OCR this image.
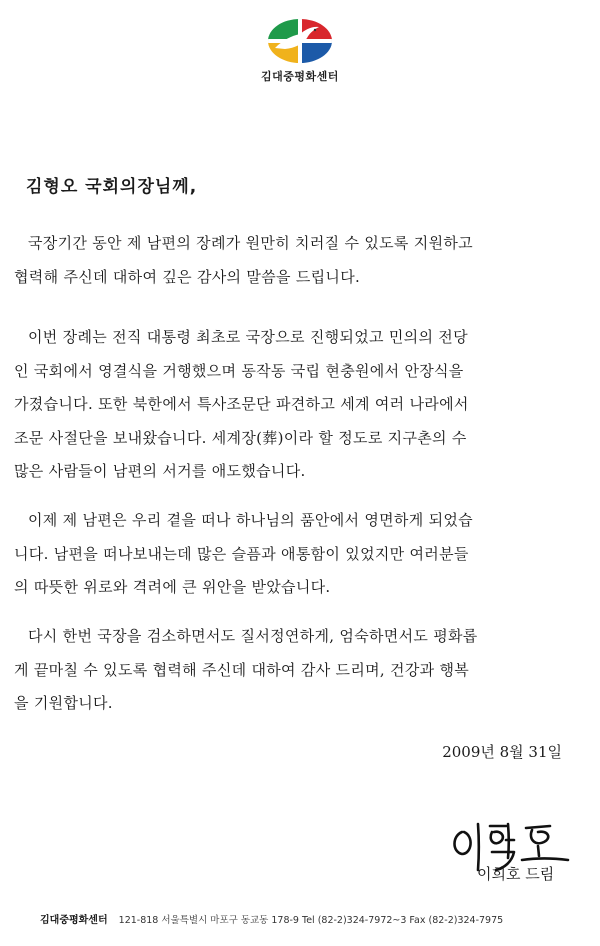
김대중평화센터
김형오 국회의장님께,
국장기간 동안 제 남편의 장례가 원만히 치러질 수 있도록 지원하고
협력해 주신데 대하여 깊은 감사의 말씀을 드립니다.
이번 장례는 전직 대통령 최초로 국장으로 진행되었고 민의의 전당
인 국회에서 영결식을 거행했으며 동작동 국립 현충원에서 안장식을
가졌습니다. 또한 북한에서 특사조문단 파견하고 세계 여러 나라에서
조문 사절단을 보내왔습니다. 세계장(葬)이라 할 정도로 지구촌의 수
많은 사람들이 남편의 서거를 애도했습니다.
이제 제 남편은 우리 곁을 떠나 하나님의 품안에서 영면하게 되었습
니다. 남편을 떠나보내는데 많은 슬픔과 애통함이 있었지만 여러분들
의 따뜻한 위로와 격려에 큰 위안을 받았습니다.
다시 한번 국장을 검소하면서도 질서정연하게, 엄숙하면서도 평화롭
게 끝마칠 수 있도록 협력해 주신데 대하여 감사 드리며, 건강과 행복
을 기원합니다.
2009년 8월 31일
이희호 드림
김대중평화센터 121-818 서울특별시 마포구 동교동 178-9 Tel (82-2)324-7972~3 Fax (82-2)324-7975
